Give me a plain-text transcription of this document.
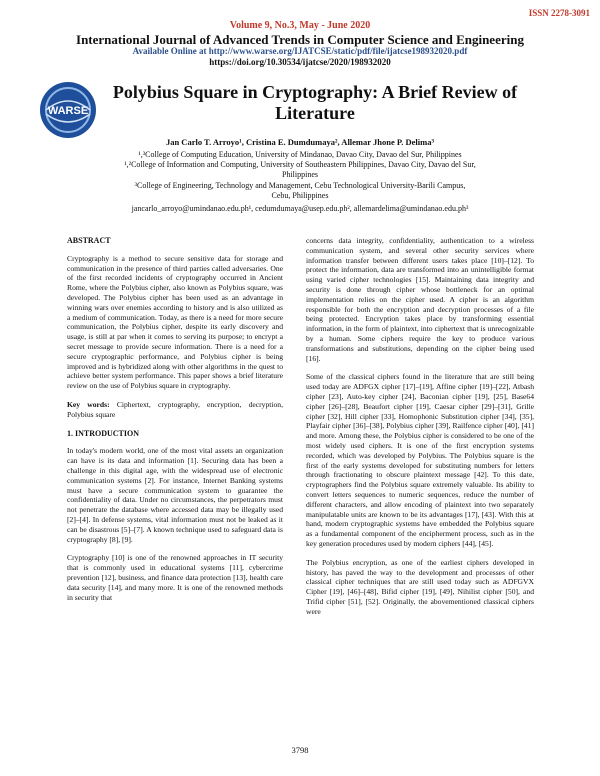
ISSN 2278-3091
Volume 9, No.3, May - June 2020
International Journal of Advanced Trends in Computer Science and Engineering
Available Online at http://www.warse.org/IJATCSE/static/pdf/file/ijatcse198932020.pdf
https://doi.org/10.30534/ijatcse/2020/198932020
WARSE
Polybius Square in Cryptography: A Brief Review of Literature
Jan Carlo T. Arroyo¹, Cristina E. Dumdumaya², Allemar Jhone P. Delima³
¹,³College of Computing Education, University of Mindanao, Davao City, Davao del Sur, Philippines
¹,²College of Information and Computing, University of Southeastern Philippines, Davao City, Davao del Sur,
Philippines
³College of Engineering, Technology and Management, Cebu Technological University-Barili Campus,
Cebu, Philippines
jancarlo_arroyo@umindanao.edu.ph¹, cedumdumaya@usep.edu.ph², allemardelima@umindanao.edu.ph³
ABSTRACT

Cryptography is a method to secure sensitive data for storage and communication in the presence of third parties called adversaries. One of the first recorded incidents of cryptography occurred in Ancient Rome, where the Polybius cipher, also known as Polybius square, was developed. The Polybius cipher has been used as an advantage in winning wars over enemies according to history and is also utilized as a medium of communication. Today, as there is a need for more secure communication, the Polybius cipher, despite its early discovery and usage, is still at par when it comes to serving its purpose; to encrypt a secret message to provide secure information. There is a need for a secure cryptographic performance, and Polybius cipher is being improved and is hybridized along with other algorithms in the quest to achieve better system performance. This paper shows a brief literature review on the use of Polybius square in cryptography.

Key words: Ciphertext, cryptography, encryption, decryption, Polybius square

1. INTRODUCTION

In today's modern world, one of the most vital assets an organization can have is its data and information [1]. Securing data has been a challenge in this digital age, with the widespread use of electronic communication systems [2]. For instance, Internet Banking systems must have a secure communication system to guarantee the confidentiality of data. Under no circumstances, the perpetrators must not penetrate the database where accessed data may be illegally used [2]–[4]. In defense systems, vital information must not be leaked as it can be disastrous [5]–[7]. A known technique used to safeguard data is cryptography [8], [9].

Cryptography [10] is one of the renowned approaches in IT security that is commonly used in educational systems [11], cybercrime prevention [12], business, and finance data protection [13], health care data security [14], and many more. It is one of the renowned methods in security that

concerns data integrity, confidentiality, authentication to a wireless communication system, and several other security services where information transfer between different users takes place [10]–[12]. To protect the information, data are transformed into an unintelligible format using varied cipher technologies [15]. Maintaining data integrity and security is done through cipher whose bottleneck for an optimal implementation relies on the cipher used. A cipher is an algorithm responsible for both the encryption and decryption processes of a file being protected. Encryption takes place by transforming essential information, in the form of plaintext, into ciphertext that is unrecognizable by a human. Some ciphers require the key to produce various transformations and substitutions, depending on the cipher being used [16].

Some of the classical ciphers found in the literature that are still being used today are ADFGX cipher [17]–[19], Affine cipher [19]–[22], Atbash cipher [23], Auto-key cipher [24], Baconian cipher [19], [25], Base64 cipher [26]–[28], Beaufort cipher [19], Caesar cipher [29]–[31], Grille cipher [32], Hill cipher [33], Homophonic Substitution cipher [34], [35], Playfair cipher [36]–[38], Polybius cipher [39], Railfence cipher [40], [41] and more. Among these, the Polybius cipher is considered to be one of the most widely used ciphers. It is one of the first encryption systems recorded, which was developed by Polybius. The Polybius square is the first of the early systems developed for substituting numbers for letters through fractionating to obscure plaintext message [42]. To this date, cryptographers find the Polybius square extremely valuable. Its ability to convert letters sequences to numeric sequences, reduce the number of different characters, and allow encoding of plaintext into two separately manipulatable units are known to be its advantages [17], [43]. With this at hand, modern cryptographic systems have embedded the Polybius square as a fundamental component of the encipherment process, such as in the key generation procedures used by modern ciphers [44], [45].

The Polybius encryption, as one of the earliest ciphers developed in history, has paved the way to the development and processes of other classical cipher techniques that are still used today such as ADFGVX Cipher [19], [46]–[48], Bifid cipher [19], [49], Nihilist cipher [50], and Trifid cipher [51], [52]. Originally, the abovementioned classical ciphers were

3798
